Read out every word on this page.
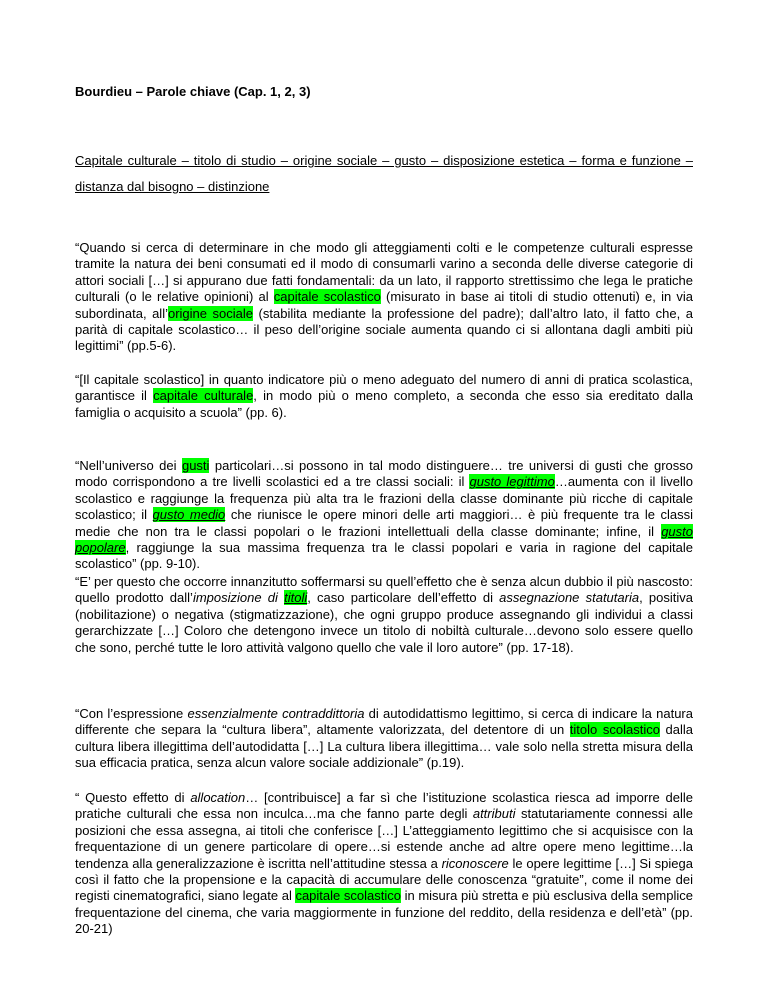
Bourdieu – Parole chiave (Cap. 1, 2, 3)
Capitale culturale – titolo di studio – origine sociale – gusto – disposizione estetica – forma e funzione – distanza dal bisogno – distinzione

“Quando si cerca di determinare in che modo gli atteggiamenti colti e le competenze culturali espresse tramite la natura dei beni consumati ed il modo di consumarli varino a seconda delle diverse categorie di attori sociali […] si appurano due fatti fondamentali: da un lato, il rapporto strettissimo che lega le pratiche culturali (o le relative opinioni) al capitale scolastico (misurato in base ai titoli di studio ottenuti) e, in via subordinata, all’origine sociale (stabilita mediante la professione del padre); dall’altro lato, il fatto che, a parità di capitale scolastico… il peso dell’origine sociale aumenta quando ci si allontana dagli ambiti più legittimi” (pp.5-6).

“[Il capitale scolastico] in quanto indicatore più o meno adeguato del numero di anni di pratica scolastica, garantisce il capitale culturale, in modo più o meno completo, a seconda che esso sia ereditato dalla famiglia o acquisito a scuola” (pp. 6).

“Nell’universo dei gusti particolari…si possono in tal modo distinguere… tre universi di gusti che grosso modo corrispondono a tre livelli scolastici ed a tre classi sociali: il gusto legittimo…aumenta con il livello scolastico e raggiunge la frequenza più alta tra le frazioni della classe dominante più ricche di capitale scolastico; il gusto medio che riunisce le opere minori delle arti maggiori… è più frequente tra le classi medie che non tra le classi popolari o le frazioni intellettuali della classe dominante; infine, il gusto popolare, raggiunge la sua massima frequenza tra le classi popolari e varia in ragione del capitale scolastico” (pp. 9-10).

“E’ per questo che occorre innanzitutto soffermarsi su quell’effetto che è senza alcun dubbio il più nascosto: quello prodotto dall’imposizione di titoli, caso particolare dell’effetto di assegnazione statutaria, positiva (nobilitazione) o negativa (stigmatizzazione), che ogni gruppo produce assegnando gli individui a classi gerarchizzate […] Coloro che detengono invece un titolo di nobiltà culturale…devono solo essere quello che sono, perché tutte le loro attività valgono quello che vale il loro autore” (pp. 17-18).

“Con l’espressione essenzialmente contraddittoria di autodidattismo legittimo, si cerca di indicare la natura differente che separa la “cultura libera”, altamente valorizzata, del detentore di un titolo scolastico dalla cultura libera illegittima dell’autodidatta […] La cultura libera illegittima… vale solo nella stretta misura della sua efficacia pratica, senza alcun valore sociale addizionale” (p.19).

“ Questo effetto di allocation… [contribuisce] a far sì che l’istituzione scolastica riesca ad imporre delle pratiche culturali che essa non inculca…ma che fanno parte degli attributi statutariamente connessi alle posizioni che essa assegna, ai titoli che conferisce […] L’atteggiamento legittimo che si acquisisce con la frequentazione di un genere particolare di opere…si estende anche ad altre opere meno legittime…la tendenza alla generalizzazione è iscritta nell’attitudine stessa a riconoscere le opere legittime […] Si spiega così il fatto che la propensione e la capacità di accumulare delle conoscenza “gratuite”, come il nome dei registi cinematografici, siano legate al capitale scolastico in misura più stretta e più esclusiva della semplice frequentazione del cinema, che varia maggiormente in funzione del reddito, della residenza e dell’età” (pp. 20-21)
